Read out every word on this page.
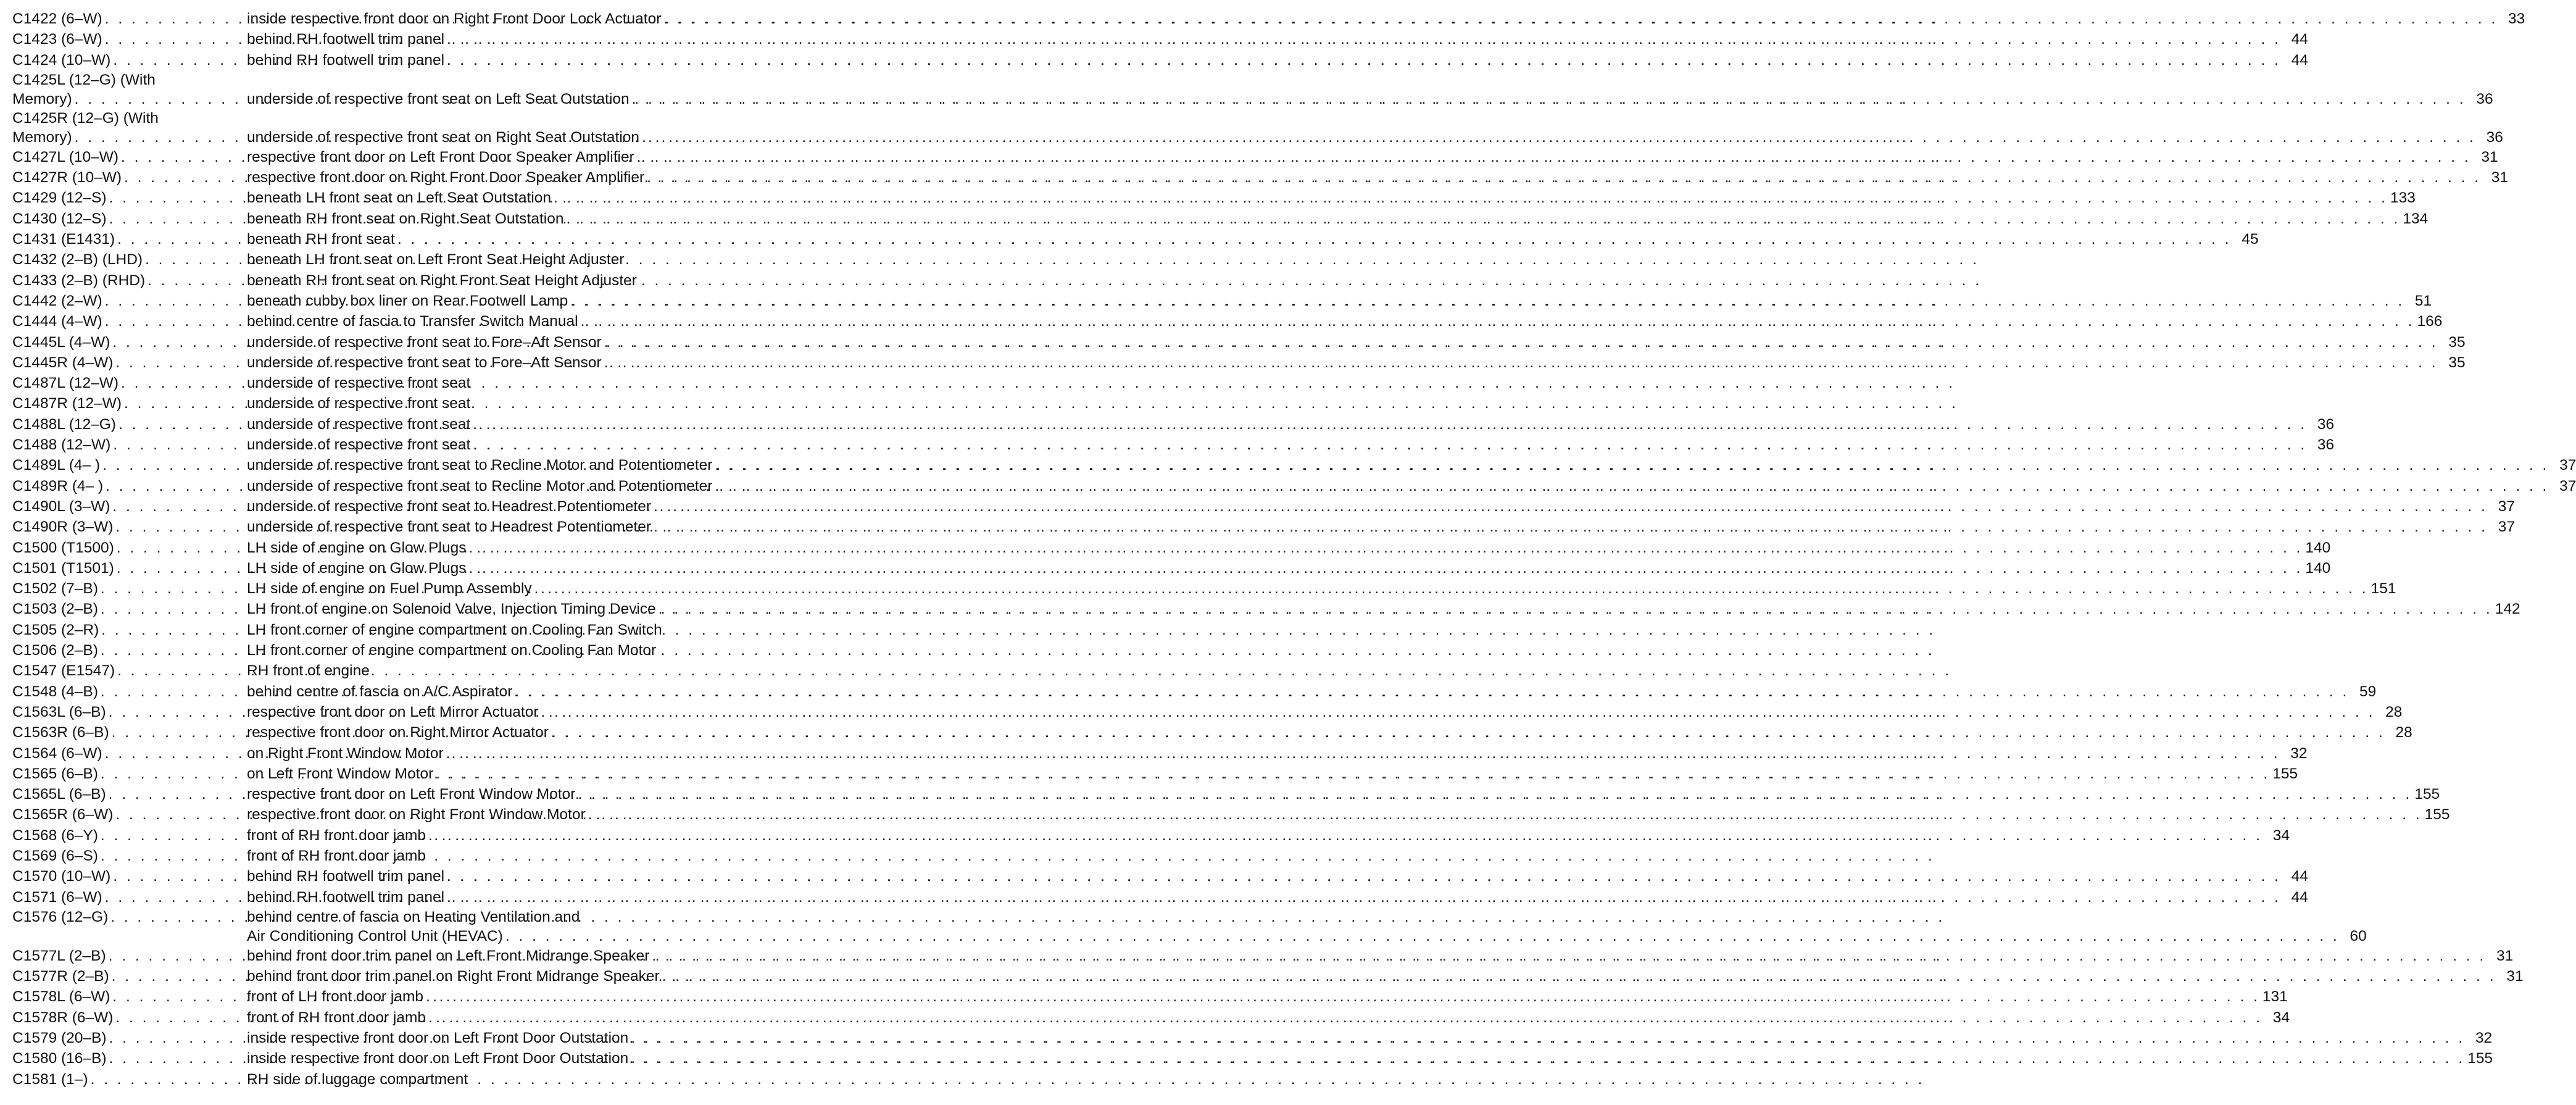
C1422 (6–W) . . .	inside respective front door on Right Front Door Lock Actuator . . .	33
C1423 (6–W) . . .	behind RH footwell trim panel . . .	44
C1424 (10–W) . . .	behind RH footwell trim panel . . .	44
C1425L (12–G) (With
Memory) . . .	underside of respective front seat on Left Seat Outstation . . .	36
C1425R (12–G) (With
Memory) . . .	underside of respective front seat on Right Seat Outstation . . .	36
C1427L (10–W) . . .	respective front door on Left Front Door Speaker Amplifier . . .	31
C1427R (10–W) . . .	respective front door on Right Front Door Speaker Amplifier . . .	31
C1429 (12–S) . . .	beneath LH front seat on Left Seat Outstation . . .	133
C1430 (12–S) . . .	beneath RH front seat on Right Seat Outstation . . .	134
C1431 (E1431) . . .	beneath RH front seat . . .	45
C1432 (2–B) (LHD) . . .	beneath LH front seat on Left Front Seat Height Adjuster
C1433 (2–B) (RHD) . . .	beneath RH front seat on Right Front Seat Height Adjuster
C1442 (2–W) . . .	beneath cubby box liner on Rear Footwell Lamp . . .	51
C1444 (4–W) . . .	behind centre of fascia to Transfer Switch Manual . . .	166
C1445L (4–W) . . .	underside of respective front seat to Fore–Aft Sensor . . .	35
C1445R (4–W) . . .	underside of respective front seat to Fore–Aft Sensor . . .	35
C1487L (12–W) . . .	underside of respective front seat
C1487R (12–W) . . .	underside of respective front seat
C1488L (12–G) . . .	underside of respective front seat . . .	36
C1488 (12–W) . . .	underside of respective front seat . . .	36
C1489L (4– ) . . .	underside of respective front seat to Recline Motor and Potentiometer . . .	37
C1489R (4– ) . . .	underside of respective front seat to Recline Motor and Potentiometer . . .	37
C1490L (3–W) . . .	underside of respective front seat to Headrest Potentiometer . . .	37
C1490R (3–W) . . .	underside of respective front seat to Headrest Potentiometer . . .	37
C1500 (T1500) . . .	LH side of engine on Glow Plugs . . .	140
C1501 (T1501) . . .	LH side of engine on Glow Plugs . . .	140
C1502 (7–B) . . .	LH side of engine on Fuel Pump Assembly . . .	151
C1503 (2–B) . . .	LH front of engine on Solenoid Valve, Injection Timing Device . . .	142
C1505 (2–R) . . .	LH front corner of engine compartment on Cooling Fan Switch
C1506 (2–B) . . .	LH front corner of engine compartment on Cooling Fan Motor
C1547 (E1547) . . .	RH front of engine
C1548 (4–B) . . .	behind centre of fascia on A/C Aspirator . . .	59
C1563L (6–B) . . .	respective front door on Left Mirror Actuator . . .	28
C1563R (6–B) . . .	respective front door on Right Mirror Actuator . . .	28
C1564 (6–W) . . .	on Right Front Window Motor . . .	32
C1565 (6–B) . . .	on Left Front Window Motor . . .	155
C1565L (6–B) . . .	respective front door on Left Front Window Motor . . .	155
C1565R (6–W) . . .	respective front door on Right Front Window Motor . . .	155
C1568 (6–Y) . . .	front of RH front door jamb . . .	34
C1569 (6–S) . . .	front of RH front door jamb
C1570 (10–W) . . .	behind RH footwell trim panel . . .	44
C1571 (6–W) . . .	behind RH footwell trim panel . . .	44
C1576 (12–G) . . .	behind centre of fascia on Heating Ventilation and
Air Conditioning Control Unit (HEVAC) . . .	60
C1577L (2–B) . . .	behind front door trim panel on Left Front Midrange Speaker . . .	31
C1577R (2–B) . . .	behind front door trim panel on Right Front Midrange Speaker . . .	31
C1578L (6–W) . . .	front of LH front door jamb . . .	131
C1578R (6–W) . . .	front of RH front door jamb . . .	34
C1579 (20–B) . . .	inside respective front door on Left Front Door Outstation . . .	32
C1580 (16–B) . . .	inside respective front door on Left Front Door Outstation . . .	155
C1581 (1–) . . .	RH side of luggage compartment
